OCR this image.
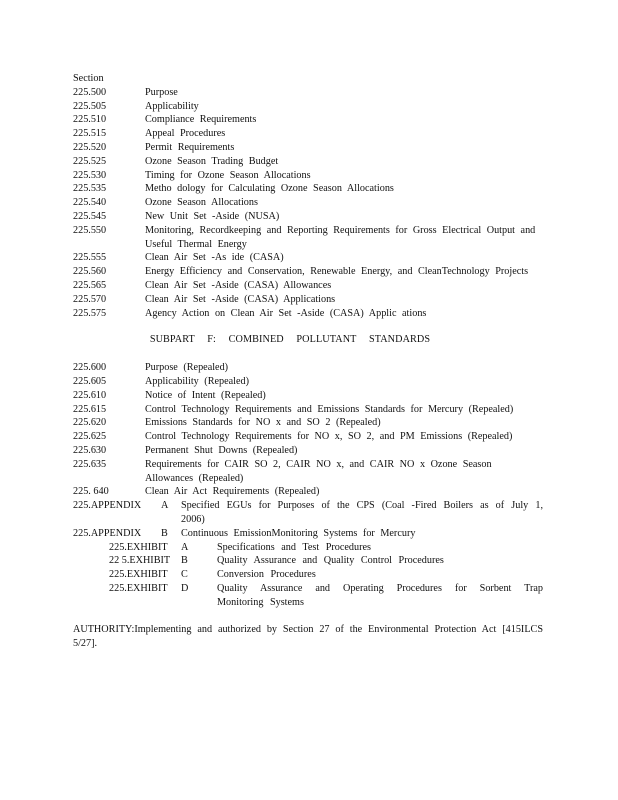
Section
225.500	Purpose
225.505	Applicability
225.510	Compliance Requirements
225.515	Appeal Procedures
225.520	Permit Requirements
225.525	Ozone Season Trading Budget
225.530	Timing for Ozone Season Allocations
225.535	Metho dology for Calculating Ozone Season Allocations
225.540	Ozone Season Allocations
225.545	New Unit Set -Aside (NUSA)
225.550	Monitoring, Recordkeeping and Reporting Requirements for Gross Electrical Output and Useful Thermal Energy
225.555	Clean Air Set -As ide (CASA)
225.560	Energy Efficiency and Conservation, Renewable Energy, and CleanTechnology Projects
225.565	Clean Air Set -Aside (CASA) Allowances
225.570	Clean Air Set -Aside (CASA) Applications
225.575	Agency Action on Clean Air Set -Aside (CASA) Applic ations
SUBPART F: COMBINED POLLUTANT STANDARDS
225.600	Purpose (Repealed)
225.605	Applicability (Repealed)
225.610	Notice of Intent (Repealed)
225.615	Control Technology Requirements and Emissions Standards for Mercury (Repealed)
225.620	Emissions Standards for NO x and SO 2 (Repealed)
225.625	Control Technology Requirements for NO x, SO 2, and PM Emissions (Repealed)
225.630	Permanent Shut Downs (Repealed)
225.635	Requirements for CAIR SO 2, CAIR NO x, and CAIR NO x Ozone Season Allowances (Repealed)
225. 640	Clean Air Act Requirements (Repealed)
225.APPENDIX	A	Specified EGUs for Purposes of the CPS (Coal -Fired Boilers as of July 1, 2006)
225.APPENDIX	B	Continuous EmissionMonitoring Systems for Mercury
225.EXHIBIT	A	Specifications and Test Procedures
22 5.EXHIBIT	B	Quality Assurance and Quality Control Procedures
225.EXHIBIT	C	Conversion Procedures
225.EXHIBIT	D	Quality Assurance and Operating Procedures for Sorbent Trap Monitoring Systems
AUTHORITY:Implementing and authorized by Section 27 of the Environmental Protection Act [415ILCS 5/27].
